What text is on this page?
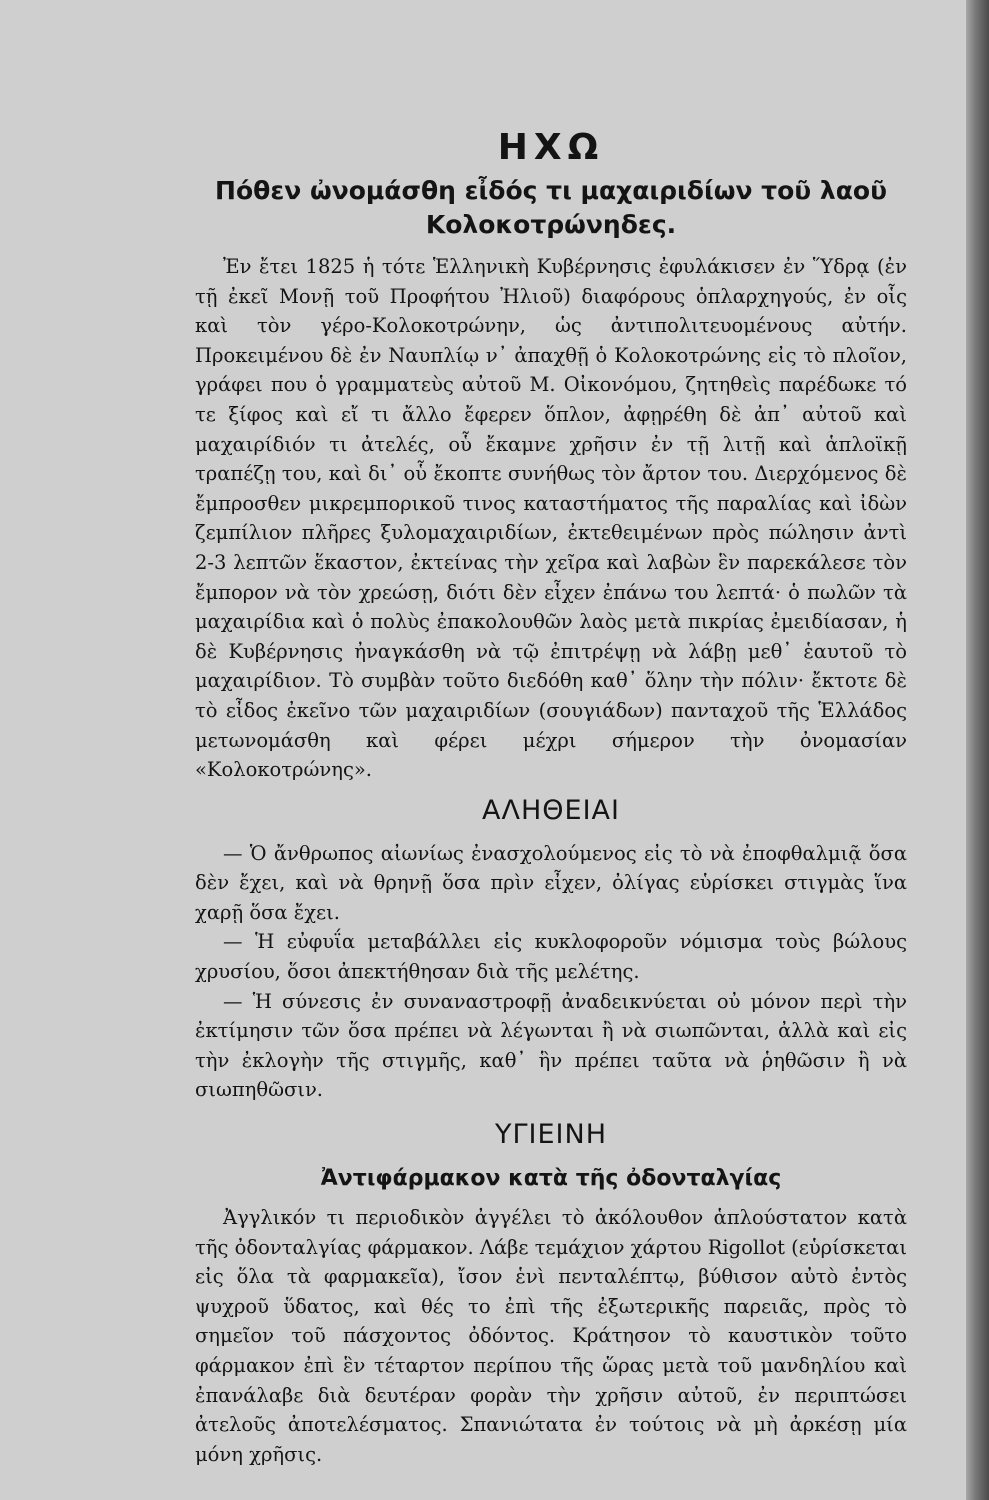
ΗΧΩ
Πόθεν ὠνομάσθη εἶδός τι μαχαιριδίων τοῦ λαοῦ Κολοκοτρώνηδες.

Ἐν ἔτει 1825 ἡ τότε Ἑλληνικὴ Κυβέρνησις ἐφυλάκισεν ἐν Ὕδρᾳ (ἐν τῇ ἐκεῖ Μονῇ τοῦ Προφήτου Ἠλιοῦ) διαφόρους ὁπλαρχηγούς, ἐν οἷς καὶ τὸν γέρο-Κολοκοτρώνην, ὡς ἀντιπολιτευομένους αὐτήν. Προκειμένου δὲ ἐν Ναυπλίῳ ν᾽ ἀπαχθῇ ὁ Κολοκοτρώνης εἰς τὸ πλοῖον, γράφει που ὁ γραμματεὺς αὐτοῦ Μ. Οἰκονόμου, ζητηθεὶς παρέδωκε τό τε ξίφος καὶ εἴ τι ἄλλο ἔφερεν ὅπλον, ἀφῃρέθη δὲ ἀπ᾽ αὐτοῦ καὶ μαχαιρίδιόν τι ἀτελές, οὗ ἔκαμνε χρῆσιν ἐν τῇ λιτῇ καὶ ἁπλοϊκῇ τραπέζῃ του, καὶ δι᾽ οὗ ἔκοπτε συνήθως τὸν ἄρτον του. Διερχόμενος δὲ ἔμπροσθεν μικρεμπορικοῦ τινος καταστήματος τῆς παραλίας καὶ ἰδὼν ζεμπίλιον πλῆρες ξυλομαχαιριδίων, ἐκτεθειμένων πρὸς πώλησιν ἀντὶ 2-3 λεπτῶν ἕκαστον, ἐκτείνας τὴν χεῖρα καὶ λαβὼν ἓν παρεκάλεσε τὸν ἔμπορον νὰ τὸν χρεώσῃ, διότι δὲν εἶχεν ἐπάνω του λεπτά· ὁ πωλῶν τὰ μαχαιρίδια καὶ ὁ πολὺς ἐπακολουθῶν λαὸς μετὰ πικρίας ἐμειδίασαν, ἡ δὲ Κυβέρνησις ἠναγκάσθη νὰ τῷ ἐπιτρέψῃ νὰ λάβῃ μεθ᾽ ἑαυτοῦ τὸ μαχαιρίδιον. Τὸ συμβὰν τοῦτο διεδόθη καθ᾽ ὅλην τὴν πόλιν· ἔκτοτε δὲ τὸ εἶδος ἐκεῖνο τῶν μαχαιριδίων (σουγιάδων) πανταχοῦ τῆς Ἑλλάδος μετωνομάσθη καὶ φέρει μέχρι σήμερον τὴν ὀνομασίαν «Κολοκοτρώνης».

ΑΛΗΘΕΙΑΙ

— Ὁ ἄνθρωπος αἰωνίως ἐνασχολούμενος εἰς τὸ νὰ ἐποφθαλμιᾷ ὅσα δὲν ἔχει, καὶ νὰ θρηνῇ ὅσα πρὶν εἶχεν, ὀλίγας εὑρίσκει στιγμὰς ἵνα χαρῇ ὅσα ἔχει.

— Ἡ εὐφυΐα μεταβάλλει εἰς κυκλοφοροῦν νόμισμα τοὺς βώλους χρυσίου, ὅσοι ἀπεκτήθησαν διὰ τῆς μελέτης.

— Ἡ σύνεσις ἐν συναναστροφῇ ἀναδεικνύεται οὐ μόνον περὶ τὴν ἐκτίμησιν τῶν ὅσα πρέπει νὰ λέγωνται ἢ νὰ σιωπῶνται, ἀλλὰ καὶ εἰς τὴν ἐκλογὴν τῆς στιγμῆς, καθ᾽ ἣν πρέπει ταῦτα νὰ ῥηθῶσιν ἢ νὰ σιωπηθῶσιν.

ΥΓΙΕΙΝΗ
Ἀντιφάρμακον κατὰ τῆς ὀδονταλγίας

Ἀγγλικόν τι περιοδικὸν ἀγγέλει τὸ ἀκόλουθον ἁπλούστατον κατὰ τῆς ὀδονταλγίας φάρμακον. Λάβε τεμάχιον χάρτου Rigollot (εὑρίσκεται εἰς ὅλα τὰ φαρμακεῖα), ἴσον ἑνὶ πενταλέπτῳ, βύθισον αὐτὸ ἐντὸς ψυχροῦ ὕδατος, καὶ θές το ἐπὶ τῆς ἐξωτερικῆς παρειᾶς, πρὸς τὸ σημεῖον τοῦ πάσχοντος ὀδόντος. Κράτησον τὸ καυστικὸν τοῦτο φάρμακον ἐπὶ ἓν τέταρτον περίπου τῆς ὥρας μετὰ τοῦ μανδηλίου καὶ ἐπανάλαβε διὰ δευτέραν φορὰν τὴν χρῆσιν αὐτοῦ, ἐν περιπτώσει ἀτελοῦς ἀποτελέσματος. Σπανιώτατα ἐν τούτοις νὰ μὴ ἀρκέσῃ μία μόνη χρῆσις.
